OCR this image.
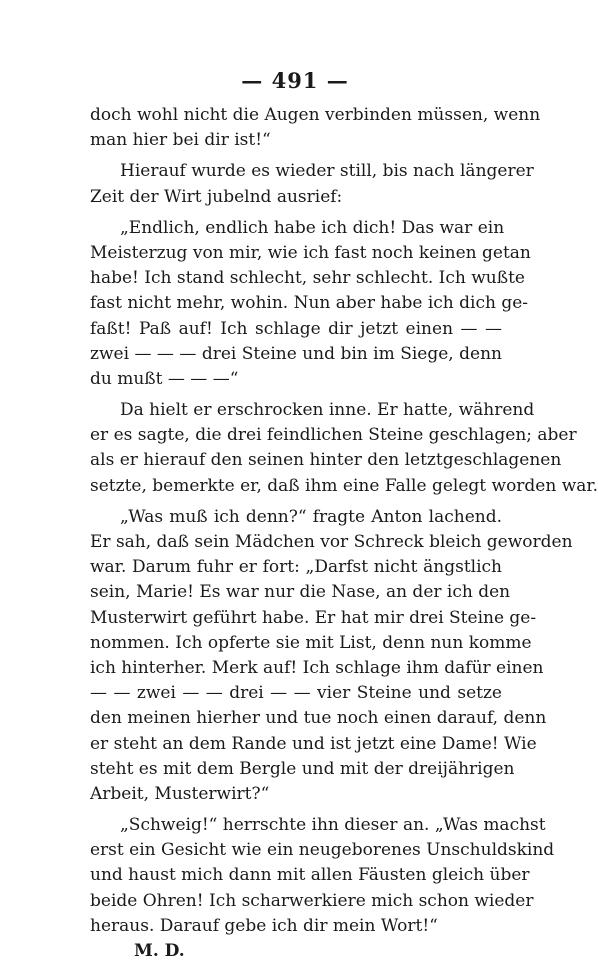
— 491 —
doch wohl nicht die Augen verbinden müssen, wenn
man hier bei dir ist!“
Hierauf wurde es wieder still, bis nach längerer
Zeit der Wirt jubelnd ausrief:
„Endlich, endlich habe ich dich! Das war ein
Meisterzug von mir, wie ich fast noch keinen getan
habe! Ich stand schlecht, sehr schlecht. Ich wußte
fast nicht mehr, wohin. Nun aber habe ich dich ge-
faßt! Paß auf! Ich schlage dir jetzt einen — —
zwei — — — drei Steine und bin im Siege, denn
du mußt — — —“
Da hielt er erschrocken inne. Er hatte, während
er es sagte, die drei feindlichen Steine geschlagen; aber
als er hierauf den seinen hinter den letztgeschlagenen
setzte, bemerkte er, daß ihm eine Falle gelegt worden war.
„Was muß ich denn?“ fragte Anton lachend.
Er sah, daß sein Mädchen vor Schreck bleich geworden
war. Darum fuhr er fort: „Darfst nicht ängstlich
sein, Marie! Es war nur die Nase, an der ich den
Musterwirt geführt habe. Er hat mir drei Steine ge-
nommen. Ich opferte sie mit List, denn nun komme
ich hinterher. Merk auf! Ich schlage ihm dafür einen
— — zwei — — drei — — vier Steine und setze
den meinen hierher und tue noch einen darauf, denn
er steht an dem Rande und ist jetzt eine Dame! Wie
steht es mit dem Bergle und mit der dreijährigen
Arbeit, Musterwirt?“
„Schweig!“ herrschte ihn dieser an. „Was machst
erst ein Gesicht wie ein neugeborenes Unschuldskind
und haust mich dann mit allen Fäusten gleich über
beide Ohren! Ich scharwerkiere mich schon wieder
heraus. Darauf gebe ich dir mein Wort!“
M. D.
